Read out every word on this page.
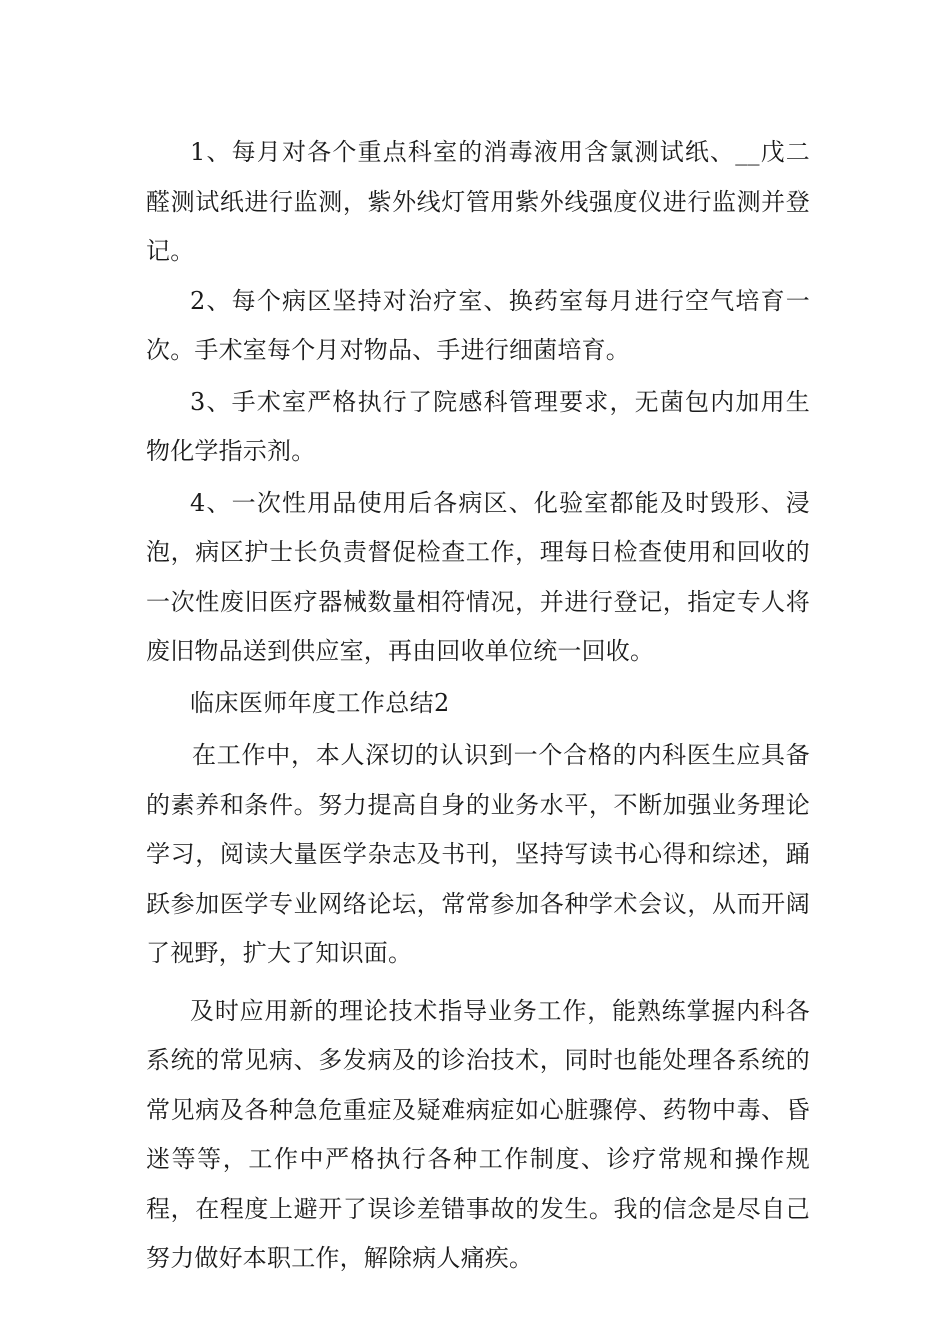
1、每月对各个重点科室的消毒液用含氯测试纸、__戊二醛测试纸进行监测，紫外线灯管用紫外线强度仪进行监测并登记。

2、每个病区坚持对治疗室、换药室每月进行空气培育一次。手术室每个月对物品、手进行细菌培育。

3、手术室严格执行了院感科管理要求，无菌包内加用生物化学指示剂。

4、一次性用品使用后各病区、化验室都能及时毁形、浸泡，病区护士长负责督促检查工作，理每日检查使用和回收的一次性废旧医疗器械数量相符情况，并进行登记，指定专人将废旧物品送到供应室，再由回收单位统一回收。

临床医师年度工作总结2

在工作中，本人深切的认识到一个合格的内科医生应具备的素养和条件。努力提高自身的业务水平，不断加强业务理论学习，阅读大量医学杂志及书刊，坚持写读书心得和综述，踊跃参加医学专业网络论坛，常常参加各种学术会议，从而开阔了视野，扩大了知识面。

及时应用新的理论技术指导业务工作，能熟练掌握内科各系统的常见病、多发病及的诊治技术，同时也能处理各系统的常见病及各种急危重症及疑难病症如心脏骤停、药物中毒、昏迷等等，工作中严格执行各种工作制度、诊疗常规和操作规程，在程度上避开了误诊差错事故的发生。我的信念是尽自己努力做好本职工作，解除病人痛疾。
